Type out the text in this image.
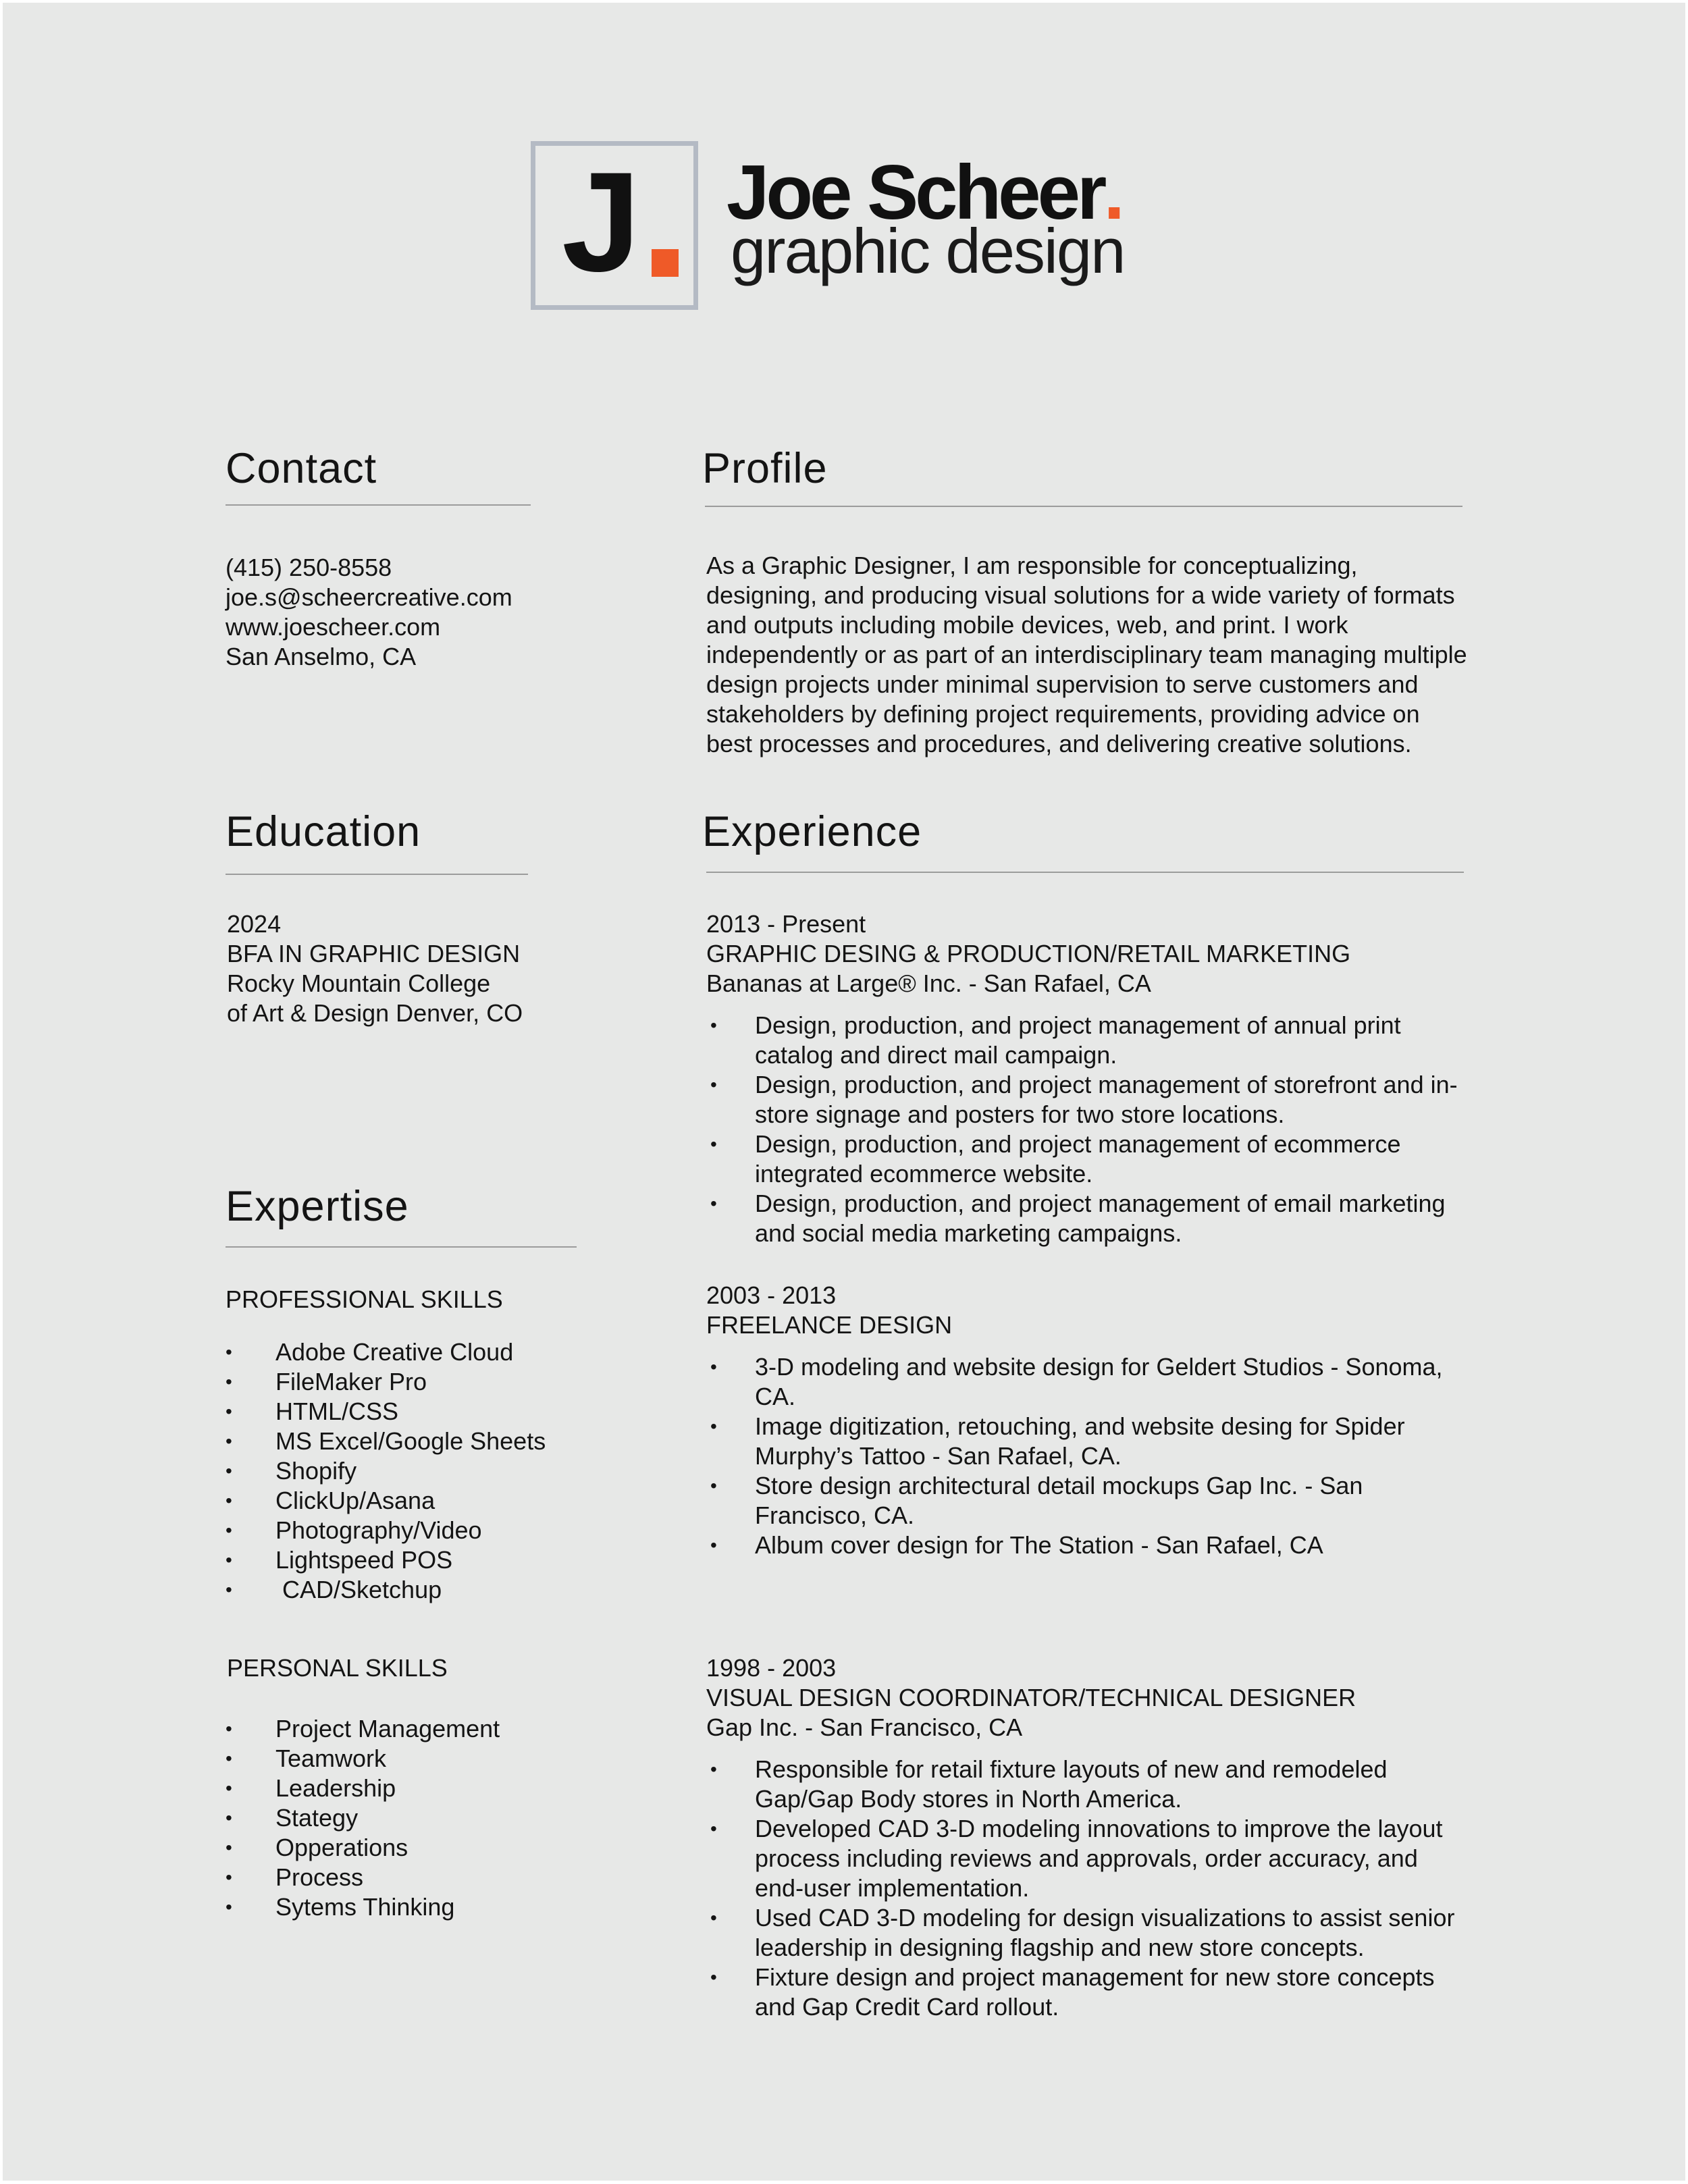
J Joe Scheer.
graphic design
Contact
(415) 250-8558
joe.s@scheercreative.com
www.joescheer.com
San Anselmo, CA
Profile
As a Graphic Designer, I am responsible for conceptualizing, designing, and producing visual solutions for a wide variety of formats and outputs including mobile devices, web, and print. I work independently or as part of an interdisciplinary team managing multiple design projects under minimal supervision to serve customers and stakeholders by defining project requirements, providing advice on best processes and procedures, and delivering creative solutions.
Education
2024
BFA IN GRAPHIC DESIGN
Rocky Mountain College
of Art & Design Denver, CO
Expertise
PROFESSIONAL SKILLS
• Adobe Creative Cloud
• FileMaker Pro
• HTML/CSS
• MS Excel/Google Sheets
• Shopify
• ClickUp/Asana
• Photography/Video
• Lightspeed POS
• CAD/Sketchup
PERSONAL SKILLS
• Project Management
• Teamwork
• Leadership
• Stategy
• Opperations
• Process
• Sytems Thinking
Experience
2013 - Present
GRAPHIC DESING & PRODUCTION/RETAIL MARKETING
Bananas at Large® Inc. - San Rafael, CA
• Design, production, and project management of annual print catalog and direct mail campaign.
• Design, production, and project management of storefront and in-store signage and posters for two store locations.
• Design, production, and project management of ecommerce integrated ecommerce website.
• Design, production, and project management of email marketing and social media marketing campaigns.
2003 - 2013
FREELANCE DESIGN
• 3-D modeling and website design for Geldert Studios - Sonoma, CA.
• Image digitization, retouching, and website desing for Spider Murphy’s Tattoo - San Rafael, CA.
• Store design architectural detail mockups Gap Inc. - San Francisco, CA.
• Album cover design for The Station - San Rafael, CA
1998 - 2003
VISUAL DESIGN COORDINATOR/TECHNICAL DESIGNER
Gap Inc. - San Francisco, CA
• Responsible for retail fixture layouts of new and remodeled Gap/Gap Body stores in North America.
• Developed CAD 3-D modeling innovations to improve the layout process including reviews and approvals, order accuracy, and end-user implementation.
• Used CAD 3-D modeling for design visualizations to assist senior leadership in designing flagship and new store concepts.
• Fixture design and project management for new store concepts and Gap Credit Card rollout.
